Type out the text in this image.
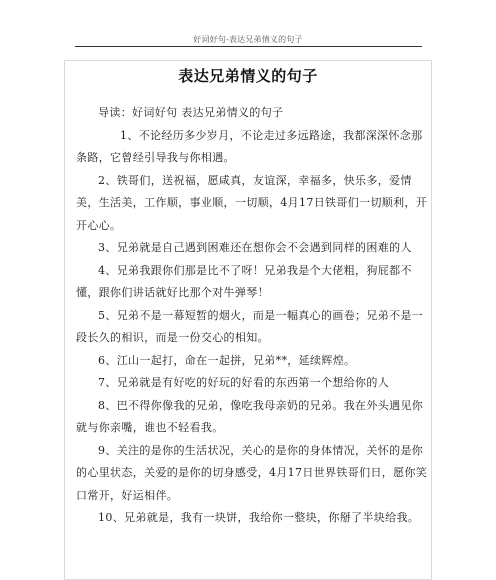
好词好句-表达兄弟情义的句子
表达兄弟情义的句子

导读：好词好句 表达兄弟情义的句子

1、不论经历多少岁月，不论走过多远路途，我都深深怀念那条路，它曾经引导我与你相遇。

2、铁哥们，送祝福，愿咸真，友谊深，幸福多，快乐多，爱情美，生活美，工作顺，事业顺，一切顺，4月17日铁哥们一切顺利，开开心心。

3、兄弟就是自己遇到困难还在想你会不会遇到同样的困难的人

4、兄弟我跟你们那是比不了呀！兄弟我是个大佬粗，狗屁都不懂，跟你们讲话就好比那个对牛弹琴！

5、兄弟不是一幕短暂的烟火，而是一幅真心的画卷；兄弟不是一段长久的相识，而是一份交心的相知。

6、江山一起打，命在一起拼，兄弟**，延续辉煌。

7、兄弟就是有好吃的好玩的好看的东西第一个想给你的人

8、巴不得你像我的兄弟，像吃我母亲奶的兄弟。我在外头遇见你就与你亲嘴，谁也不轻看我。

9、关注的是你的生活状况，关心的是你的身体情况，关怀的是你的心里状态，关爱的是你的切身感受，4月17日世界铁哥们日，愿你笑口常开，好运相伴。

10、兄弟就是，我有一块饼，我给你一整块，你掰了半块给我。
